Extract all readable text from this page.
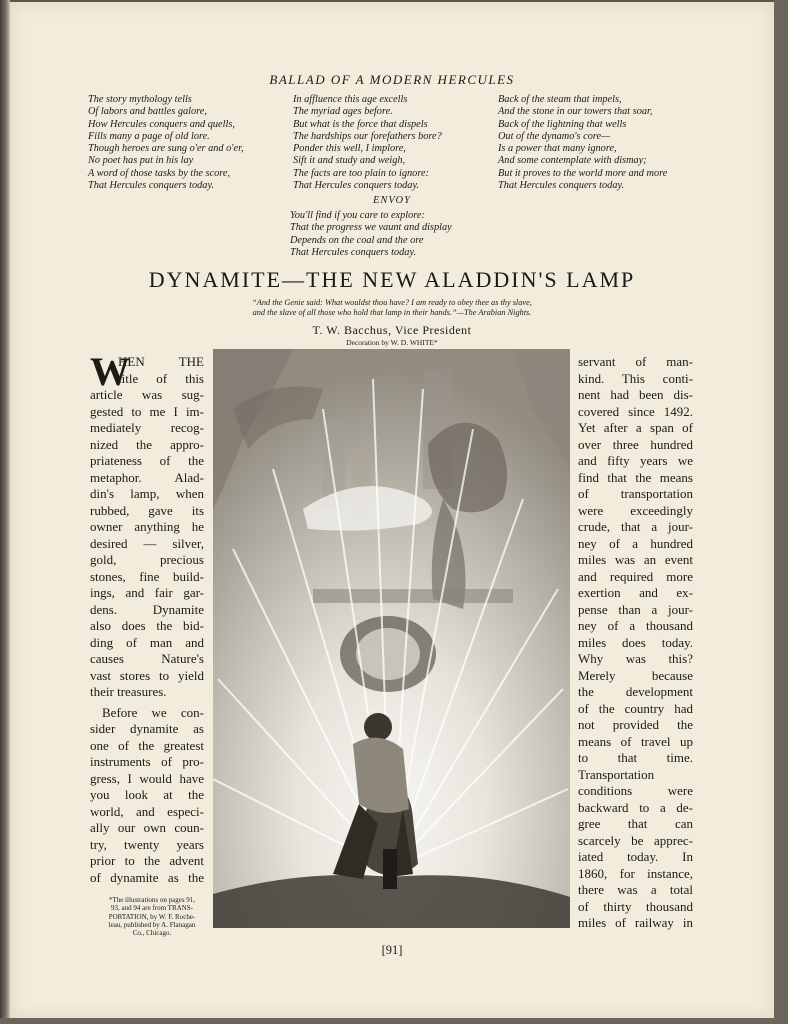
BALLAD OF A MODERN HERCULES
The story mythology tells
Of labors and battles galore,
How Hercules conquers and quells,
Fills many a page of old lore.
Though heroes are sung o'er and o'er,
No poet has put in his lay
A word of those tasks by the score,
That Hercules conquers today.
In affluence this age excells
The myriad ages before.
But what is the force that dispels
The hardships our forefathers bore?
Ponder this well, I implore,
Sift it and study and weigh,
The facts are too plain to ignore:
That Hercules conquers today.
Back of the steam that impels,
And the stone in our towers that soar,
Back of the lightning that wells
Out of the dynamo's core—
Is a power that many ignore,
And some contemplate with dismay;
But it proves to the world more and more
That Hercules conquers today.
ENVOY
You'll find if you care to explore:
That the progress we vaunt and display
Depends on the coal and the ore
That Hercules conquers today.
DYNAMITE—THE NEW ALADDIN'S LAMP
“And the Genie said: What wouldst thou have? I am ready to obey thee as thy slave,
and the slave of all those who hold that lamp in their hands.”—The Arabian Nights.
T. W. Bacchus, Vice President
Decoration by W. D. WHITE*
W
HEN THE
title of this
article was sug-
gested to me I im-
mediately recog-
nized the appro-
priateness of the
metaphor. Alad-
din's lamp, when
rubbed, gave its
owner anything he
desired — silver,
gold, precious
stones, fine build-
ings, and fair gar-
dens. Dynamite
also does the bid-
ding of man and
causes Nature's
vast stores to yield
their treasures.
Before we con-
sider dynamite as
one of the greatest
instruments of pro-
gress, I would have
you look at the
world, and especi-
ally our own coun-
try, twenty years
prior to the advent
of dynamite as the
servant of man-
kind. This conti-
nent had been dis-
covered since 1492.
Yet after a span of
over three hundred
and fifty years we
find that the means
of transportation
were exceedingly
crude, that a jour-
ney of a hundred
miles was an event
and required more
exertion and ex-
pense than a jour-
ney of a thousand
miles does today.
Why was this?
Merely because
the development
of the country had
not provided the
means of travel up
to that time.
Transportation
conditions were
backward to a de-
gree that can
scarcely be apprec-
iated today. In
1860, for instance,
there was a total
of thirty thousand
miles of railway in
*The illustrations on pages 91,
93, and 94 are from TRANS-
PORTATION, by W. F. Roche-
leau, published by A. Flanagan
Co., Chicago.
[91]
